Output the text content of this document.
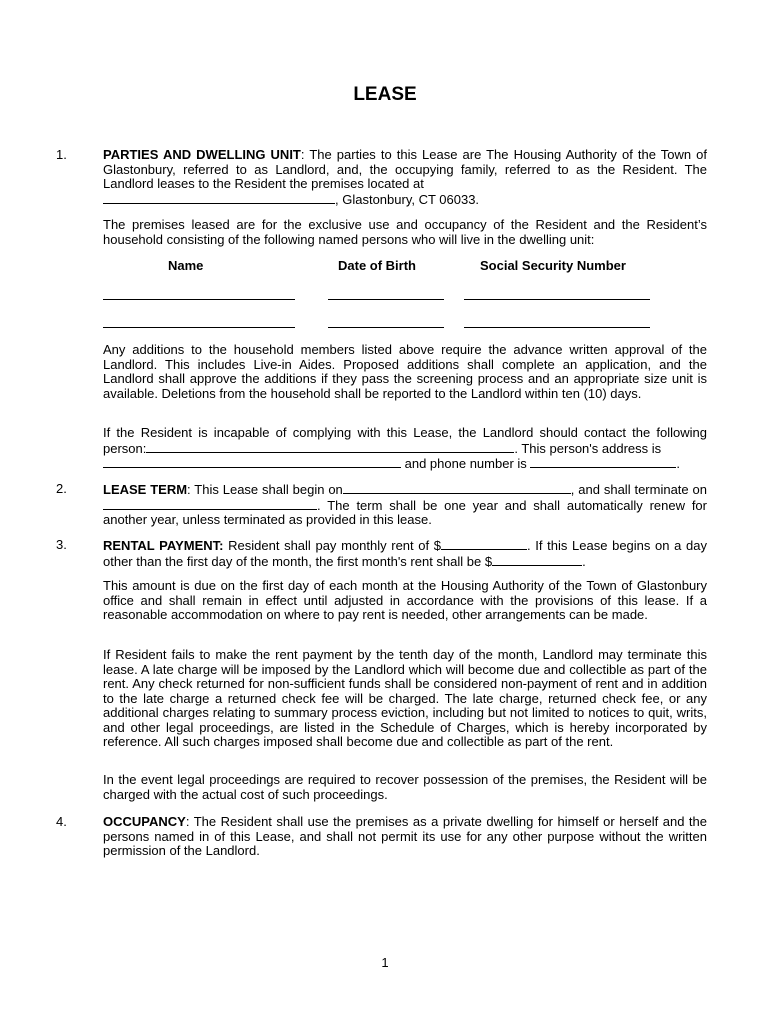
LEASE
1.	PARTIES AND DWELLING UNIT: The parties to this Lease are The Housing Authority of the Town of Glastonbury, referred to as Landlord, and, the occupying family, referred to as the Resident. The Landlord leases to the Resident the premises located at
, Glastonbury, CT 06033.

The premises leased are for the exclusive use and occupancy of the Resident and the Resident’s household consisting of the following named persons who will live in the dwelling unit:

Name	Date of Birth	Social Security Number

Any additions to the household members listed above require the advance written approval of the Landlord. This includes Live-in Aides. Proposed additions shall complete an application, and the Landlord shall approve the additions if they pass the screening process and an appropriate size unit is available. Deletions from the household shall be reported to the Landlord within ten (10) days.

If the Resident is incapable of complying with this Lease, the Landlord should contact the following person:	. This person's address is
and phone number is	.

2.	LEASE TERM: This Lease shall begin on	, and shall terminate on. The term shall be one year and shall automatically renew for another year, unless terminated as provided in this lease.

3.	RENTAL PAYMENT: Resident shall pay monthly rent of $	. If this Lease begins on a day other than the first day of the month, the first month's rent shall be $	.

This amount is due on the first day of each month at the Housing Authority of the Town of Glastonbury office and shall remain in effect until adjusted in accordance with the provisions of this lease. If a reasonable accommodation on where to pay rent is needed, other arrangements can be made.

If Resident fails to make the rent payment by the tenth day of the month, Landlord may terminate this lease. A late charge will be imposed by the Landlord which will become due and collectible as part of the rent. Any check returned for non-sufficient funds shall be considered non-payment of rent and in addition to the late charge a returned check fee will be charged. The late charge, returned check fee, or any additional charges relating to summary process eviction, including but not limited to notices to quit, writs, and other legal proceedings, are listed in the Schedule of Charges, which is hereby incorporated by reference. All such charges imposed shall become due and collectible as part of the rent.

In the event legal proceedings are required to recover possession of the premises, the Resident will be charged with the actual cost of such proceedings.

4.	OCCUPANCY: The Resident shall use the premises as a private dwelling for himself or herself and the persons named in of this Lease, and shall not permit its use for any other purpose without the written permission of the Landlord.

1
